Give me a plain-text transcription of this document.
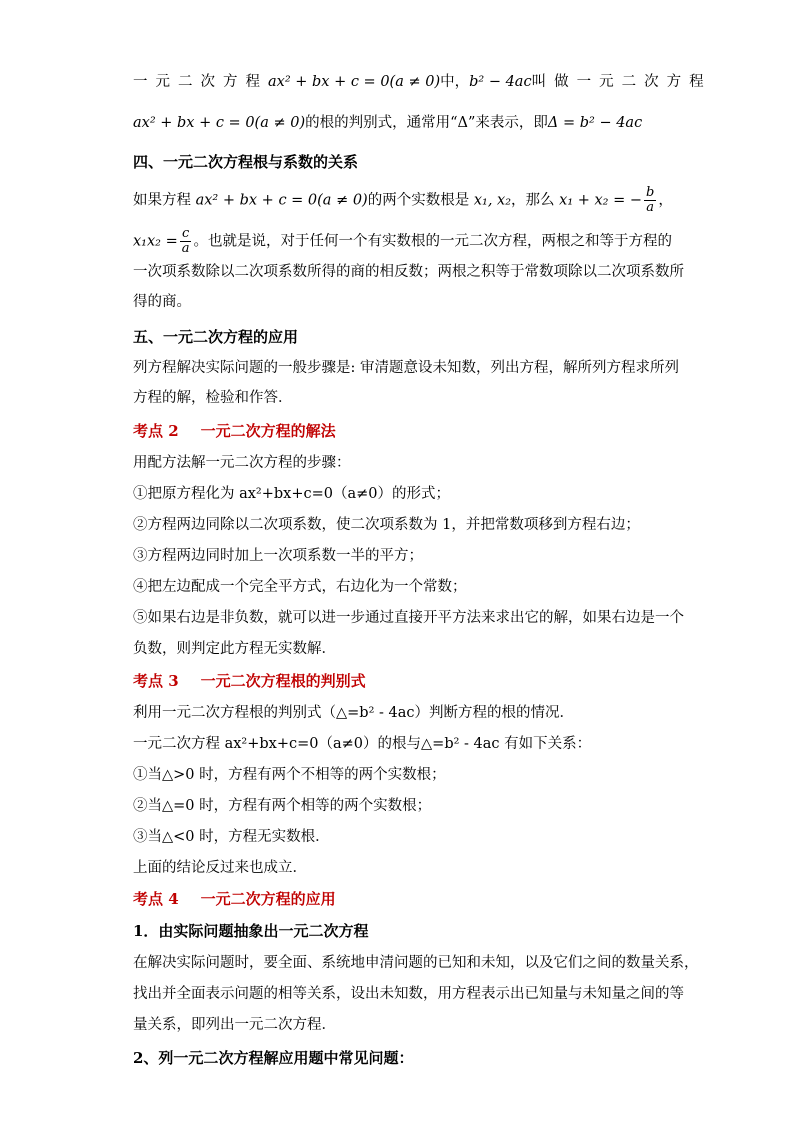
一元二次方程 ax² + bx + c = 0(a ≠ 0) 中， b² − 4ac 叫做一元二次方程
ax² + bx + c = 0(a ≠ 0)的根的判别式，通常用“Δ”来表示，即Δ = b² − 4ac
四、一元二次方程根与系数的关系
如果方程 ax² + bx + c = 0(a ≠ 0)的两个实数根是 x₁, x₂，那么 x₁ + x₂ = − $\frac{b}{a}$ ，
$x_1x_2 = \frac{c}{a}$ 。也就是说，对于任何一个有实数根的一元二次方程，两根之和等于方程的
一次项系数除以二次项系数所得的商的相反数；两根之积等于常数项除以二次项系数所
得的商。
五、一元二次方程的应用
列方程解决实际问题的一般步骤是: 审清题意设未知数，列出方程，解所列方程求所列
方程的解，检验和作答．
考点 2 一元二次方程的解法
用配方法解一元二次方程的步骤：
①把原方程化为 ax²+bx+c=0（a≠0）的形式；
②方程两边同除以二次项系数，使二次项系数为 1，并把常数项移到方程右边；
③方程两边同时加上一次项系数一半的平方；
④把左边配成一个完全平方式，右边化为一个常数；
⑤如果右边是非负数，就可以进一步通过直接开平方法来求出它的解，如果右边是一个
负数，则判定此方程无实数解．
考点 3 一元二次方程根的判别式
利用一元二次方程根的判别式（△=b² - 4ac）判断方程的根的情况．
一元二次方程 ax²+bx+c=0（a≠0）的根与△=b² - 4ac 有如下关系：
①当△>0 时，方程有两个不相等的两个实数根；
②当△=0 时，方程有两个相等的两个实数根；
③当△<0 时，方程无实数根．
上面的结论反过来也成立．
考点 4 一元二次方程的应用
1．由实际问题抽象出一元二次方程
在解决实际问题时，要全面、系统地申清问题的已知和未知，以及它们之间的数量关系，
找出并全面表示问题的相等关系，设出未知数，用方程表示出已知量与未知量之间的等
量关系，即列出一元二次方程．
2、列一元二次方程解应用题中常见问题：
